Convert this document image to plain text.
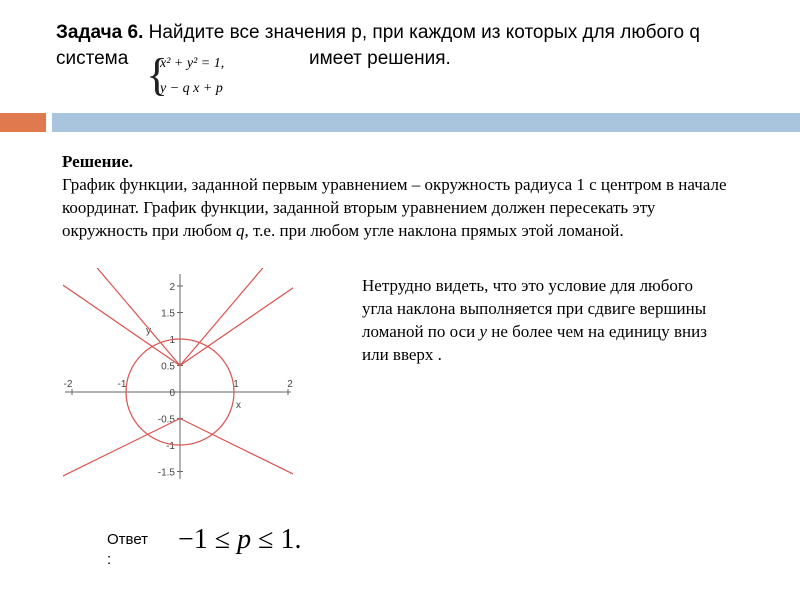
Задача 6. Найдите все значения p, при каждом из которых для любого q
система	имеет решения.
{
x² + y² = 1,
y − q x + p
Решение.
График функции, заданной первым уравнением – окружность радиуса 1 с центром в начале координат. График функции, заданной вторым уравнением должен пересекать эту окружность при любом q, т.е. при любом угле наклона прямых этой ломаной.
Нетрудно видеть, что это условие для любого угла наклона выполняется при сдвиге вершины ломаной по оси y не более чем на единицу вниз или вверх .
-2	-1	1	2
2
1.5
1
0.5
0
-0.5
-1
-1.5
x
y
Ответ
:
−1 ≤ p ≤ 1.
